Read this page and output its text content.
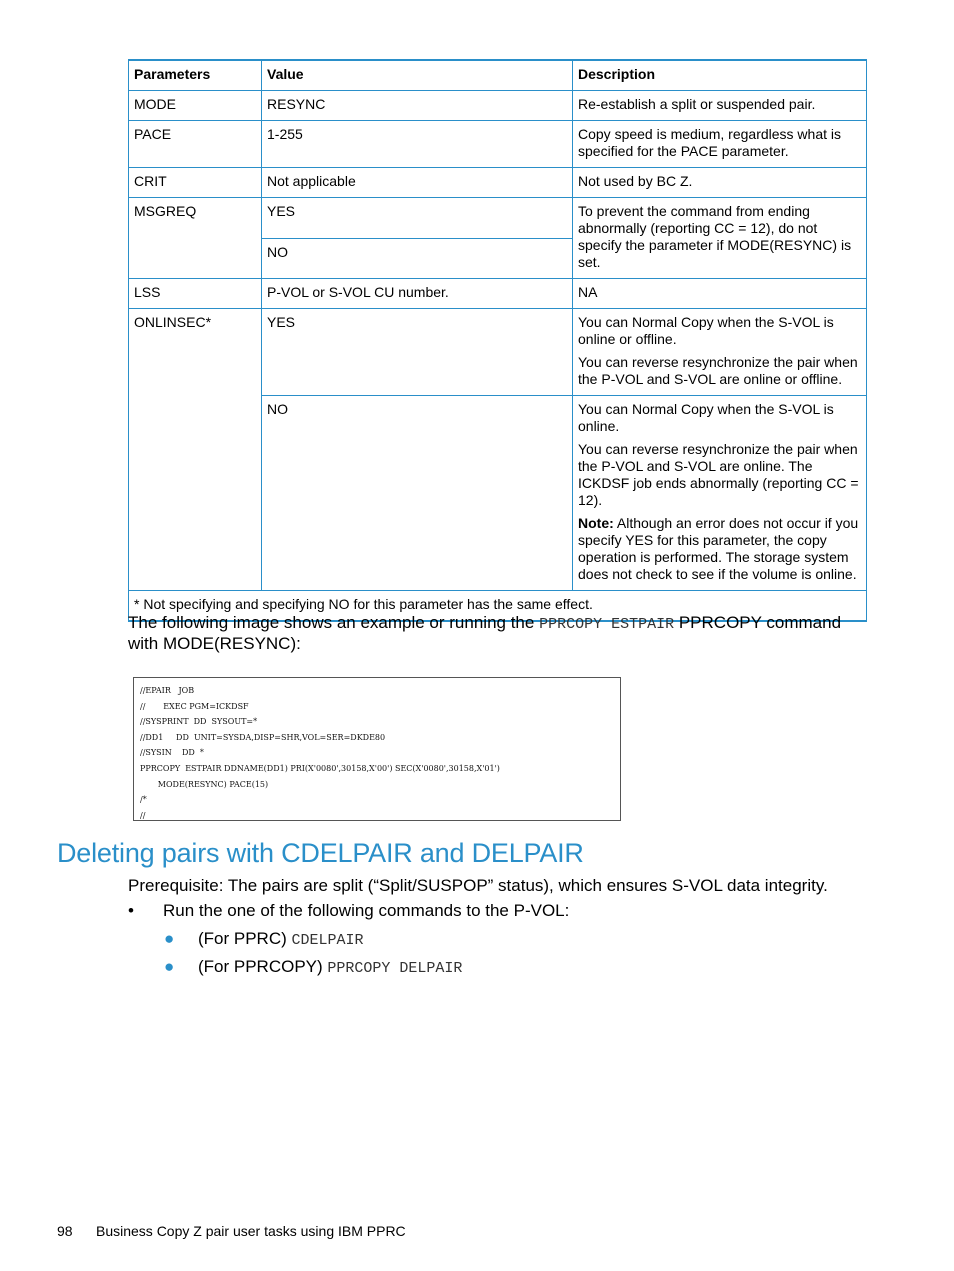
Parameters	Value	Description
MODE	RESYNC	Re-establish a split or suspended pair.
PACE	1-255	Copy speed is medium, regardless what is specified for the PACE parameter.
CRIT	Not applicable	Not used by BC Z.
MSGREQ	YES	To prevent the command from ending abnormally (reporting CC = 12), do not specify the parameter if MODE(RESYNC) is set.
	NO	
LSS	P-VOL or S-VOL CU number.	NA
ONLINSEC*	YES	You can Normal Copy when the S-VOL is online or offline.

You can reverse resynchronize the pair when the P-VOL and S-VOL are online or offline.

	NO	You can Normal Copy when the S-VOL is online.

You can reverse resynchronize the pair when the P-VOL and S-VOL are online. The ICKDSF job ends abnormally (reporting CC = 12).

Note: Although an error does not occur if you specify YES for this parameter, the copy operation is performed. The storage system does not check to see if the volume is online.

* Not specifying and specifying NO for this parameter has the same effect.		
The following image shows an example or running the PPRCOPY ESTPAIR PPRCOPY command with MODE(RESYNC):
//EPAIR   JOB
//       EXEC PGM=ICKDSF
//SYSPRINT  DD  SYSOUT=*
//DD1     DD  UNIT=SYSDA,DISP=SHR,VOL=SER=DKDE80
//SYSIN    DD  *
PPRCOPY  ESTPAIR DDNAME(DD1) PRI(X'0080',30158,X'00') SEC(X'0080',30158,X'01')
MODE(RESYNC) PACE(15)
/*
//
Deleting pairs with CDELPAIR and DELPAIR

Prerequisite: The pairs are split (“Split/SUSPOP” status), which ensures S-VOL data integrity.

• Run the one of the following commands to the P-VOL:
● (For PPRC) CDELPAIR
● (For PPRCOPY) PPRCOPY DELPAIR
98 Business Copy Z pair user tasks using IBM PPRC
